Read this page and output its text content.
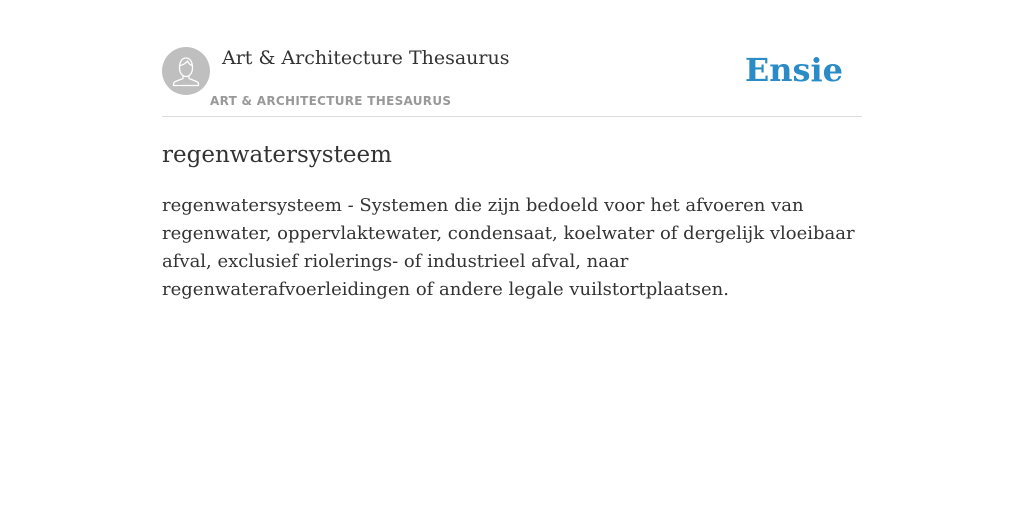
Art & Architecture Thesaurus
ART & ARCHITECTURE THESAURUS
Ensie
regenwatersysteem

regenwatersysteem - Systemen die zijn bedoeld voor het afvoeren van regenwater, oppervlaktewater, condensaat, koelwater of dergelijk vloeibaar afval, exclusief riolerings- of industrieel afval, naar regenwaterafvoerleidingen of andere legale vuilstortplaatsen.
